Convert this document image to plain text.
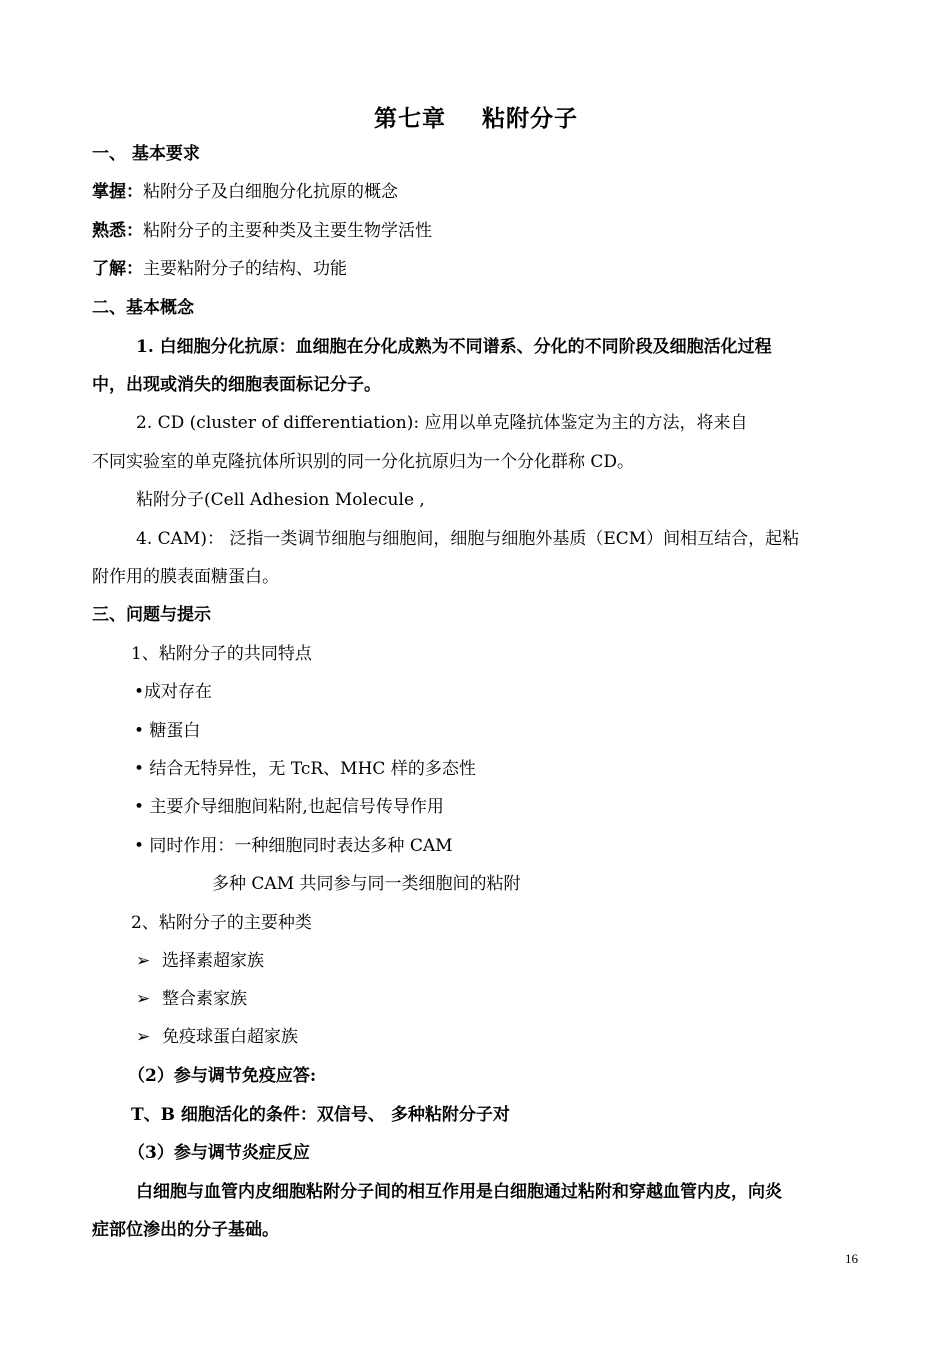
第七章    粘附分子
一、 基本要求
掌握：粘附分子及白细胞分化抗原的概念
熟悉：粘附分子的主要种类及主要生物学活性
了解：主要粘附分子的结构、功能
二、基本概念
1. 白细胞分化抗原：血细胞在分化成熟为不同谱系、分化的不同阶段及细胞活化过程
中，出现或消失的细胞表面标记分子。
2. CD (cluster of differentiation): 应用以单克隆抗体鉴定为主的方法，将来自
不同实验室的单克隆抗体所识别的同一分化抗原归为一个分化群称 CD。
粘附分子(Cell Adhesion Molecule ,
4. CAM)： 泛指一类调节细胞与细胞间，细胞与细胞外基质（ECM）间相互结合，起粘
附作用的膜表面糖蛋白。
三、问题与提示
1、粘附分子的共同特点
•成对存在
• 糖蛋白
• 结合无特异性，无 TcR、MHC 样的多态性
• 主要介导细胞间粘附,也起信号传导作用
• 同时作用：一种细胞同时表达多种 CAM
多种 CAM 共同参与同一类细胞间的粘附
2、粘附分子的主要种类
➢ 选择素超家族
➢ 整合素家族
➢ 免疫球蛋白超家族
（2）参与调节免疫应答:
T、B 细胞活化的条件：双信号、 多种粘附分子对
（3）参与调节炎症反应
白细胞与血管内皮细胞粘附分子间的相互作用是白细胞通过粘附和穿越血管内皮，向炎
症部位渗出的分子基础。
16
